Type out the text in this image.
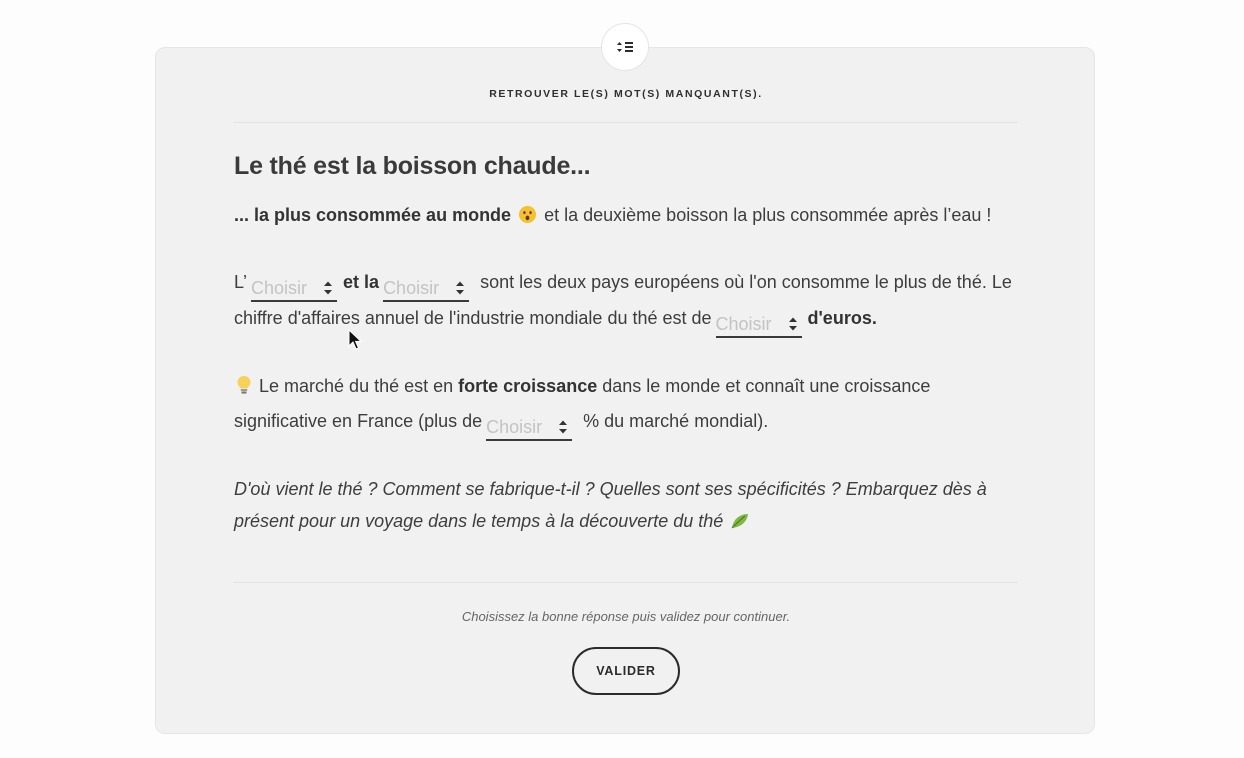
RETROUVER LE(S) MOT(S) MANQUANT(S).
Le thé est la boisson chaude...

... la plus consommée au monde et la deuxième boisson la plus consommée après l’eau !

L’ Choisir et la Choisir sont les deux pays européens où l'on consomme le plus de thé. Le chiffre d'affaires annuel de l'industrie mondiale du thé est de Choisir d'euros.

Le marché du thé est en forte croissance dans le monde et connaît une croissance significative en France (plus de Choisir % du marché mondial).

D'où vient le thé ? Comment se fabrique-t-il ? Quelles sont ses spécificités ? Embarquez dès à présent pour un voyage dans le temps à la découverte du thé

Choisissez la bonne réponse puis validez pour continuer.
VALIDER
